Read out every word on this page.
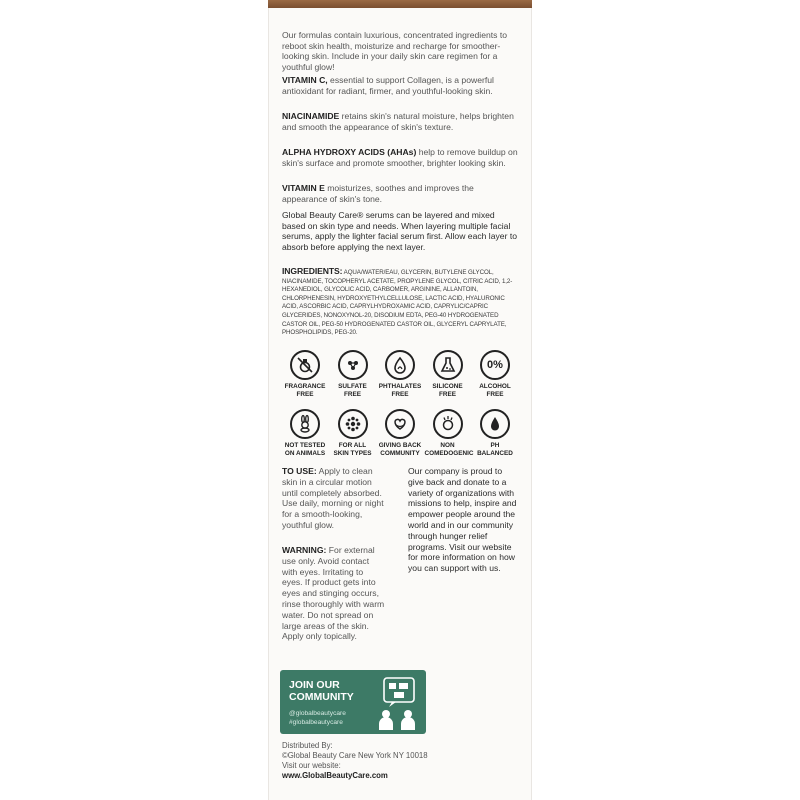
Our formulas contain luxurious, concentrated ingredients to reboot skin health, moisturize and recharge for smoother-looking skin. Include in your daily skin care regimen for a youthful glow!

VITAMIN C, essential to support Collagen, is a powerful antioxidant for radiant, firmer, and youthful-looking skin.

NIACINAMIDE retains skin's natural moisture, helps brighten and smooth the appearance of skin's texture.

ALPHA HYDROXY ACIDS (AHAs) help to remove buildup on skin's surface and promote smoother, brighter looking skin.

VITAMIN E moisturizes, soothes and improves the appearance of skin's tone.

Global Beauty Care® serums can be layered and mixed based on skin type and needs. When layering multiple facial serums, apply the lighter facial serum first. Allow each layer to absorb before applying the next layer.

INGREDIENTS: AQUA/WATER/EAU, GLYCERIN, BUTYLENE GLYCOL, NIACINAMIDE, TOCOPHERYL ACETATE, PROPYLENE GLYCOL, CITRIC ACID, 1,2-HEXANEDIOL, GLYCOLIC ACID, CARBOMER, ARGININE, ALLANTOIN, CHLORPHENESIN, HYDROXYETHYLCELLULOSE, LACTIC ACID, HYALURONIC ACID, ASCORBIC ACID, CAPRYLHYDROXAMIC ACID, CAPRYLIC/CAPRIC GLYCERIDES, NONOXYNOL-20, DISODIUM EDTA, PEG-40 HYDROGENATED CASTOR OIL, PEG-50 HYDROGENATED CASTOR OIL, GLYCERYL CAPRYLATE, PHOSPHOLIPIDS, PEG-20.

FRAGRANCE
FREE
SULFATE
FREE
PHTHALATES
FREE
SILICONE
FREE
0%
ALCOHOL
FREE
NOT TESTED
ON ANIMALS
FOR ALL
SKIN TYPES
GIVING BACK
COMMUNITY
NON
COMEDOGENIC
PH
BALANCED

TO USE: Apply to clean skin in a circular motion until completely absorbed. Use daily, morning or night for a smooth-looking, youthful glow.

WARNING: For external use only. Avoid contact with eyes. Irritating to eyes. If product gets into eyes and stinging occurs, rinse thoroughly with warm water. Do not spread on large areas of the skin. Apply only topically.

Our company is proud to give back and donate to a variety of organizations with missions to help, inspire and empower people around the world and in our community through hunger relief programs. Visit our website for more information on how you can support with us.

JOIN OUR
COMMUNITY
@globalbeautycare
#globalbeautycare
Distributed By:
©Global Beauty Care New York NY 10018
Visit our website:
www.GlobalBeautyCare.com
